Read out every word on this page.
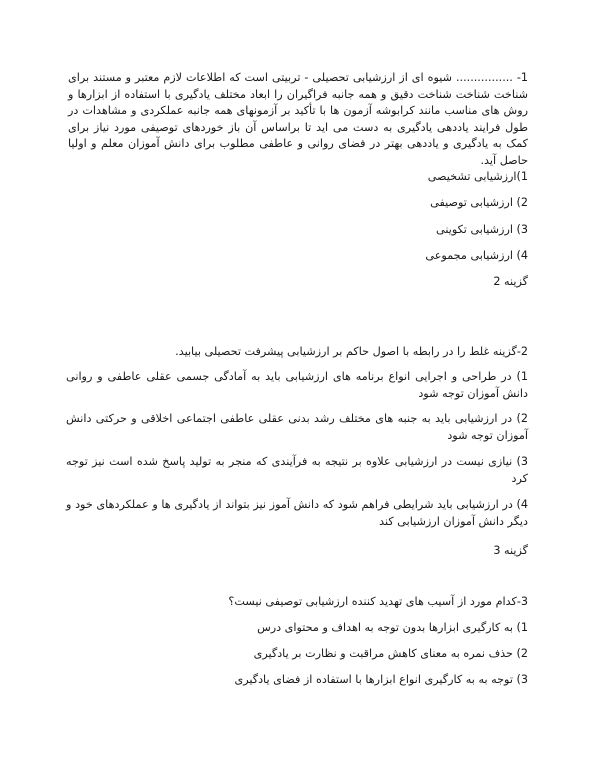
1- ................ شیوه ای از ارزشیابی تحصیلی - تربیتی است که اطلاعات لازم معتبر و مستند برای شناخت شناخت شناخت دقیق و همه جانبه فراگیران را ابعاد مختلف یادگیری با استفاده از ابزارها و روش های مناسب مانند کرابوشه آزمون ها با تأکید بر آزمونهای همه جانبه عملکردی و مشاهدات در طول فرایند یاددهی یادگیری به دست می اید تا براساس آن باز خوردهای توصیفی مورد نیاز برای کمک به یادگیری و یاددهی بهتر در فضای روانی و عاطفی مطلوب برای دانش آموزان معلم و اولیا حاصل آید.
1)ارزشیابی تشخیصی
2) ارزشیابی توصیفی
3) ارزشیابی تکوینی
4) ارزشیابی مجموعی
گزینه 2
2-گزینه غلط را در رابطه با اصول حاکم بر ارزشیابی پیشرفت تحصیلی بیابید.
1) در طراحی و اجرایی انواع برنامه های ارزشیابی باید به آمادگی جسمی عقلی عاطفی و روانی دانش آموزان توجه شود
2) در ارزشیابی باید به جنبه های مختلف رشد بدنی عقلی عاطفی اجتماعی اخلاقی و حرکتی دانش آموزان توجه شود
3) نیازی نیست در ارزشیابی علاوه بر نتیجه به فرآیندی که منجر به تولید پاسخ شده است نیز توجه کرد
4) در ارزشیابی باید شرایطی فراهم شود که دانش آموز نیز بتواند از یادگیری ها و عملکردهای خود و دیگر دانش آموزان ارزشیابی کند
گزینه 3
3-کدام مورد از آسیب های تهدید کننده ارزشیابی توصیفی نیست؟
1) به کارگیری ابزارها بدون توجه به اهداف و محتوای درس
2) حذف نمره به معنای کاهش مراقبت و نظارت بر یادگیری
3) توجه به به کارگیری انواع ابزارها با استفاده از فضای یادگیری
